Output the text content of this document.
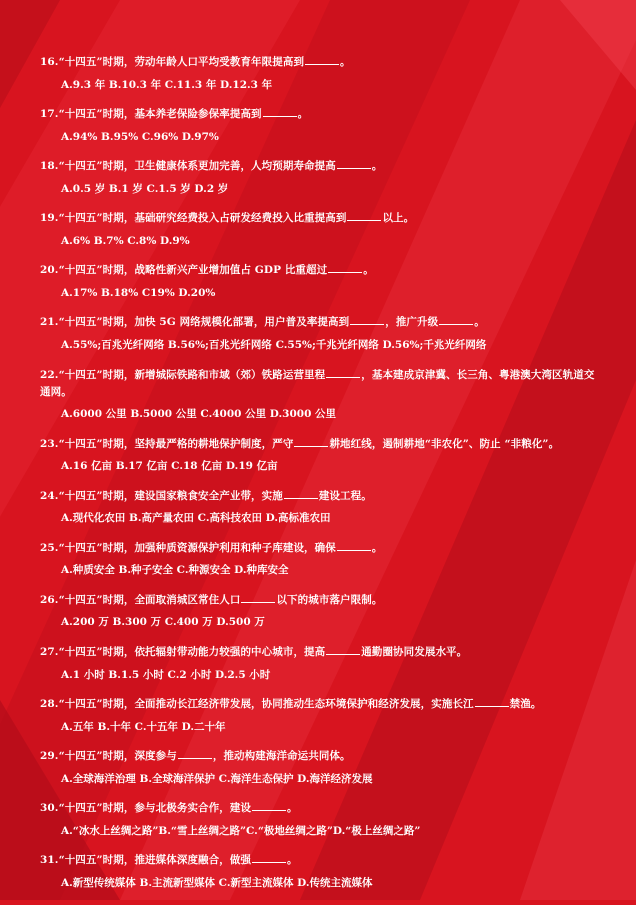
16.“十四五”时期，劳动年龄人口平均受教育年限提高到	。

A.9.3 年 B.10.3 年 C.11.3 年 D.12.3 年

17.“十四五”时期，基本养老保险参保率提高到	。

A.94% B.95% C.96% D.97%

18.“十四五”时期，卫生健康体系更加完善，人均预期寿命提高	。

A.0.5 岁 B.1 岁 C.1.5 岁 D.2 岁

19.“十四五”时期，基础研究经费投入占研发经费投入比重提高到	以上。

A.6% B.7% C.8% D.9%

20.“十四五”时期，战略性新兴产业增加值占 GDP 比重超过	。

A.17% B.18% C19% D.20%

21.“十四五”时期，加快 5G 网络规模化部署，用户普及率提高到	，推广升级	。

A.55%;百兆光纤网络 B.56%;百兆光纤网络 C.55%;千兆光纤网络 D.56%;千兆光纤网络

22.“十四五”时期，新增城际铁路和市域（郊）铁路运营里程	，基本建成京津冀、长三角、粤港澳大湾区轨道交通网。

A.6000 公里 B.5000 公里 C.4000 公里 D.3000 公里

23.“十四五”时期，坚持最严格的耕地保护制度，严守	耕地红线，遏制耕地“非农化”、防止 “非粮化”。

A.16 亿亩 B.17 亿亩 C.18 亿亩 D.19 亿亩

24.“十四五”时期，建设国家粮食安全产业带，实施	建设工程。

A.现代化农田 B.高产量农田 C.高科技农田 D.高标准农田

25.“十四五”时期，加强种质资源保护利用和种子库建设，确保	。

A.种质安全 B.种子安全 C.种源安全 D.种库安全

26.“十四五”时期，全面取消城区常住人口	以下的城市落户限制。

A.200 万 B.300 万 C.400 万 D.500 万

27.“十四五”时期，依托辐射带动能力较强的中心城市，提高	通勤圈协同发展水平。

A.1 小时 B.1.5 小时 C.2 小时 D.2.5 小时

28.“十四五”时期，全面推动长江经济带发展，协同推动生态环境保护和经济发展，实施长江	禁渔。

A.五年 B.十年 C.十五年 D.二十年

29.“十四五”时期，深度参与	，推动构建海洋命运共同体。

A.全球海洋治理 B.全球海洋保护 C.海洋生态保护 D.海洋经济发展

30.“十四五”时期，参与北极务实合作，建设	。

A.“冰水上丝绸之路”B.“雪上丝绸之路”C.“极地丝绸之路”D.“极上丝绸之路”

31.“十四五”时期，推进媒体深度融合，做强	。

A.新型传统媒体 B.主流新型媒体 C.新型主流媒体 D.传统主流媒体
